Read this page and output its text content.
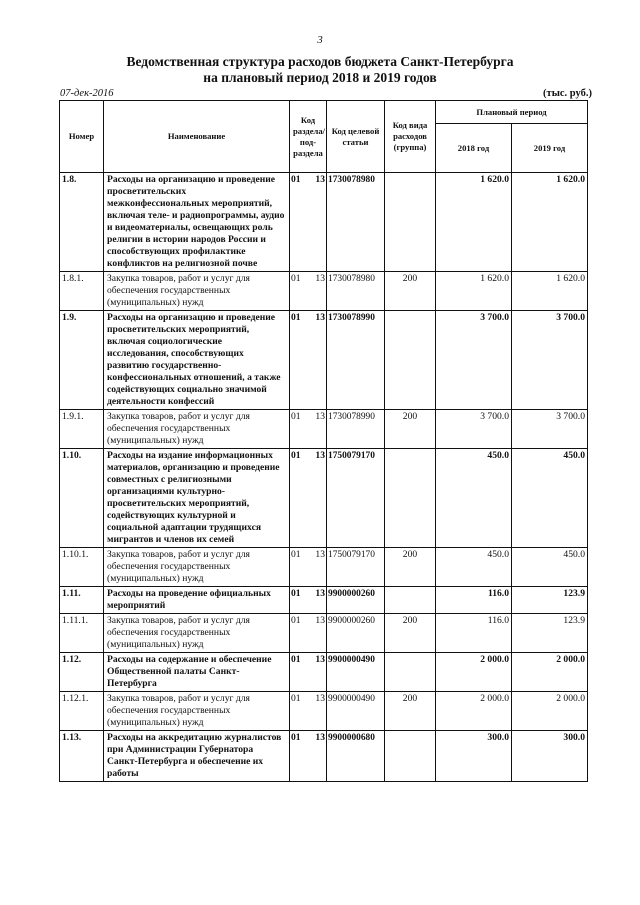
3
Ведомственная структура расходов бюджета Санкт-Петербурга
на плановый период 2018 и 2019 годов
07-дек-2016	(тыс. руб.)
Номер	Наименование	Код раздела/ под-раздела	Код целевой статьи	Код вида расходов (группа)	Плановый период	
					2018 год	2019 год
1.8.	Расходы на организацию и проведение просветительских межконфессиональных мероприятий, включая теле- и радиопрограммы, аудио и видеоматериалы, освещающих роль религии в истории народов России и способствующих профилактике конфликтов на религиозной почве	01 13	1730078980		1 620.0	1 620.0
1.8.1.	Закупка товаров, работ и услуг для обеспечения государственных (муниципальных) нужд	01 13	1730078980	200	1 620.0	1 620.0
1.9.	Расходы на организацию и проведение просветительских мероприятий, включая социологические исследования, способствующих развитию государственно-конфессиональных отношений, а также содействующих социально значимой деятельности конфессий	01 13	1730078990		3 700.0	3 700.0
1.9.1.	Закупка товаров, работ и услуг для обеспечения государственных (муниципальных) нужд	01 13	1730078990	200	3 700.0	3 700.0
1.10.	Расходы на издание информационных материалов, организацию и проведение совместных с религиозными организациями культурно-просветительских мероприятий, содействующих культурной и социальной адаптации трудящихся мигрантов и членов их семей	01 13	1750079170		450.0	450.0
1.10.1.	Закупка товаров, работ и услуг для обеспечения государственных (муниципальных) нужд	01 13	1750079170	200	450.0	450.0
1.11.	Расходы на проведение официальных мероприятий	01 13	9900000260		116.0	123.9
1.11.1.	Закупка товаров, работ и услуг для обеспечения государственных (муниципальных) нужд	01 13	9900000260	200	116.0	123.9
1.12.	Расходы на содержание и обеспечение Общественной палаты Санкт-Петербурга	01 13	9900000490		2 000.0	2 000.0
1.12.1.	Закупка товаров, работ и услуг для обеспечения государственных (муниципальных) нужд	01 13	9900000490	200	2 000.0	2 000.0
1.13.	Расходы на аккредитацию журналистов при Администрации Губернатора Санкт-Петербурга и обеспечение их работы	01 13	9900000680		300.0	300.0
